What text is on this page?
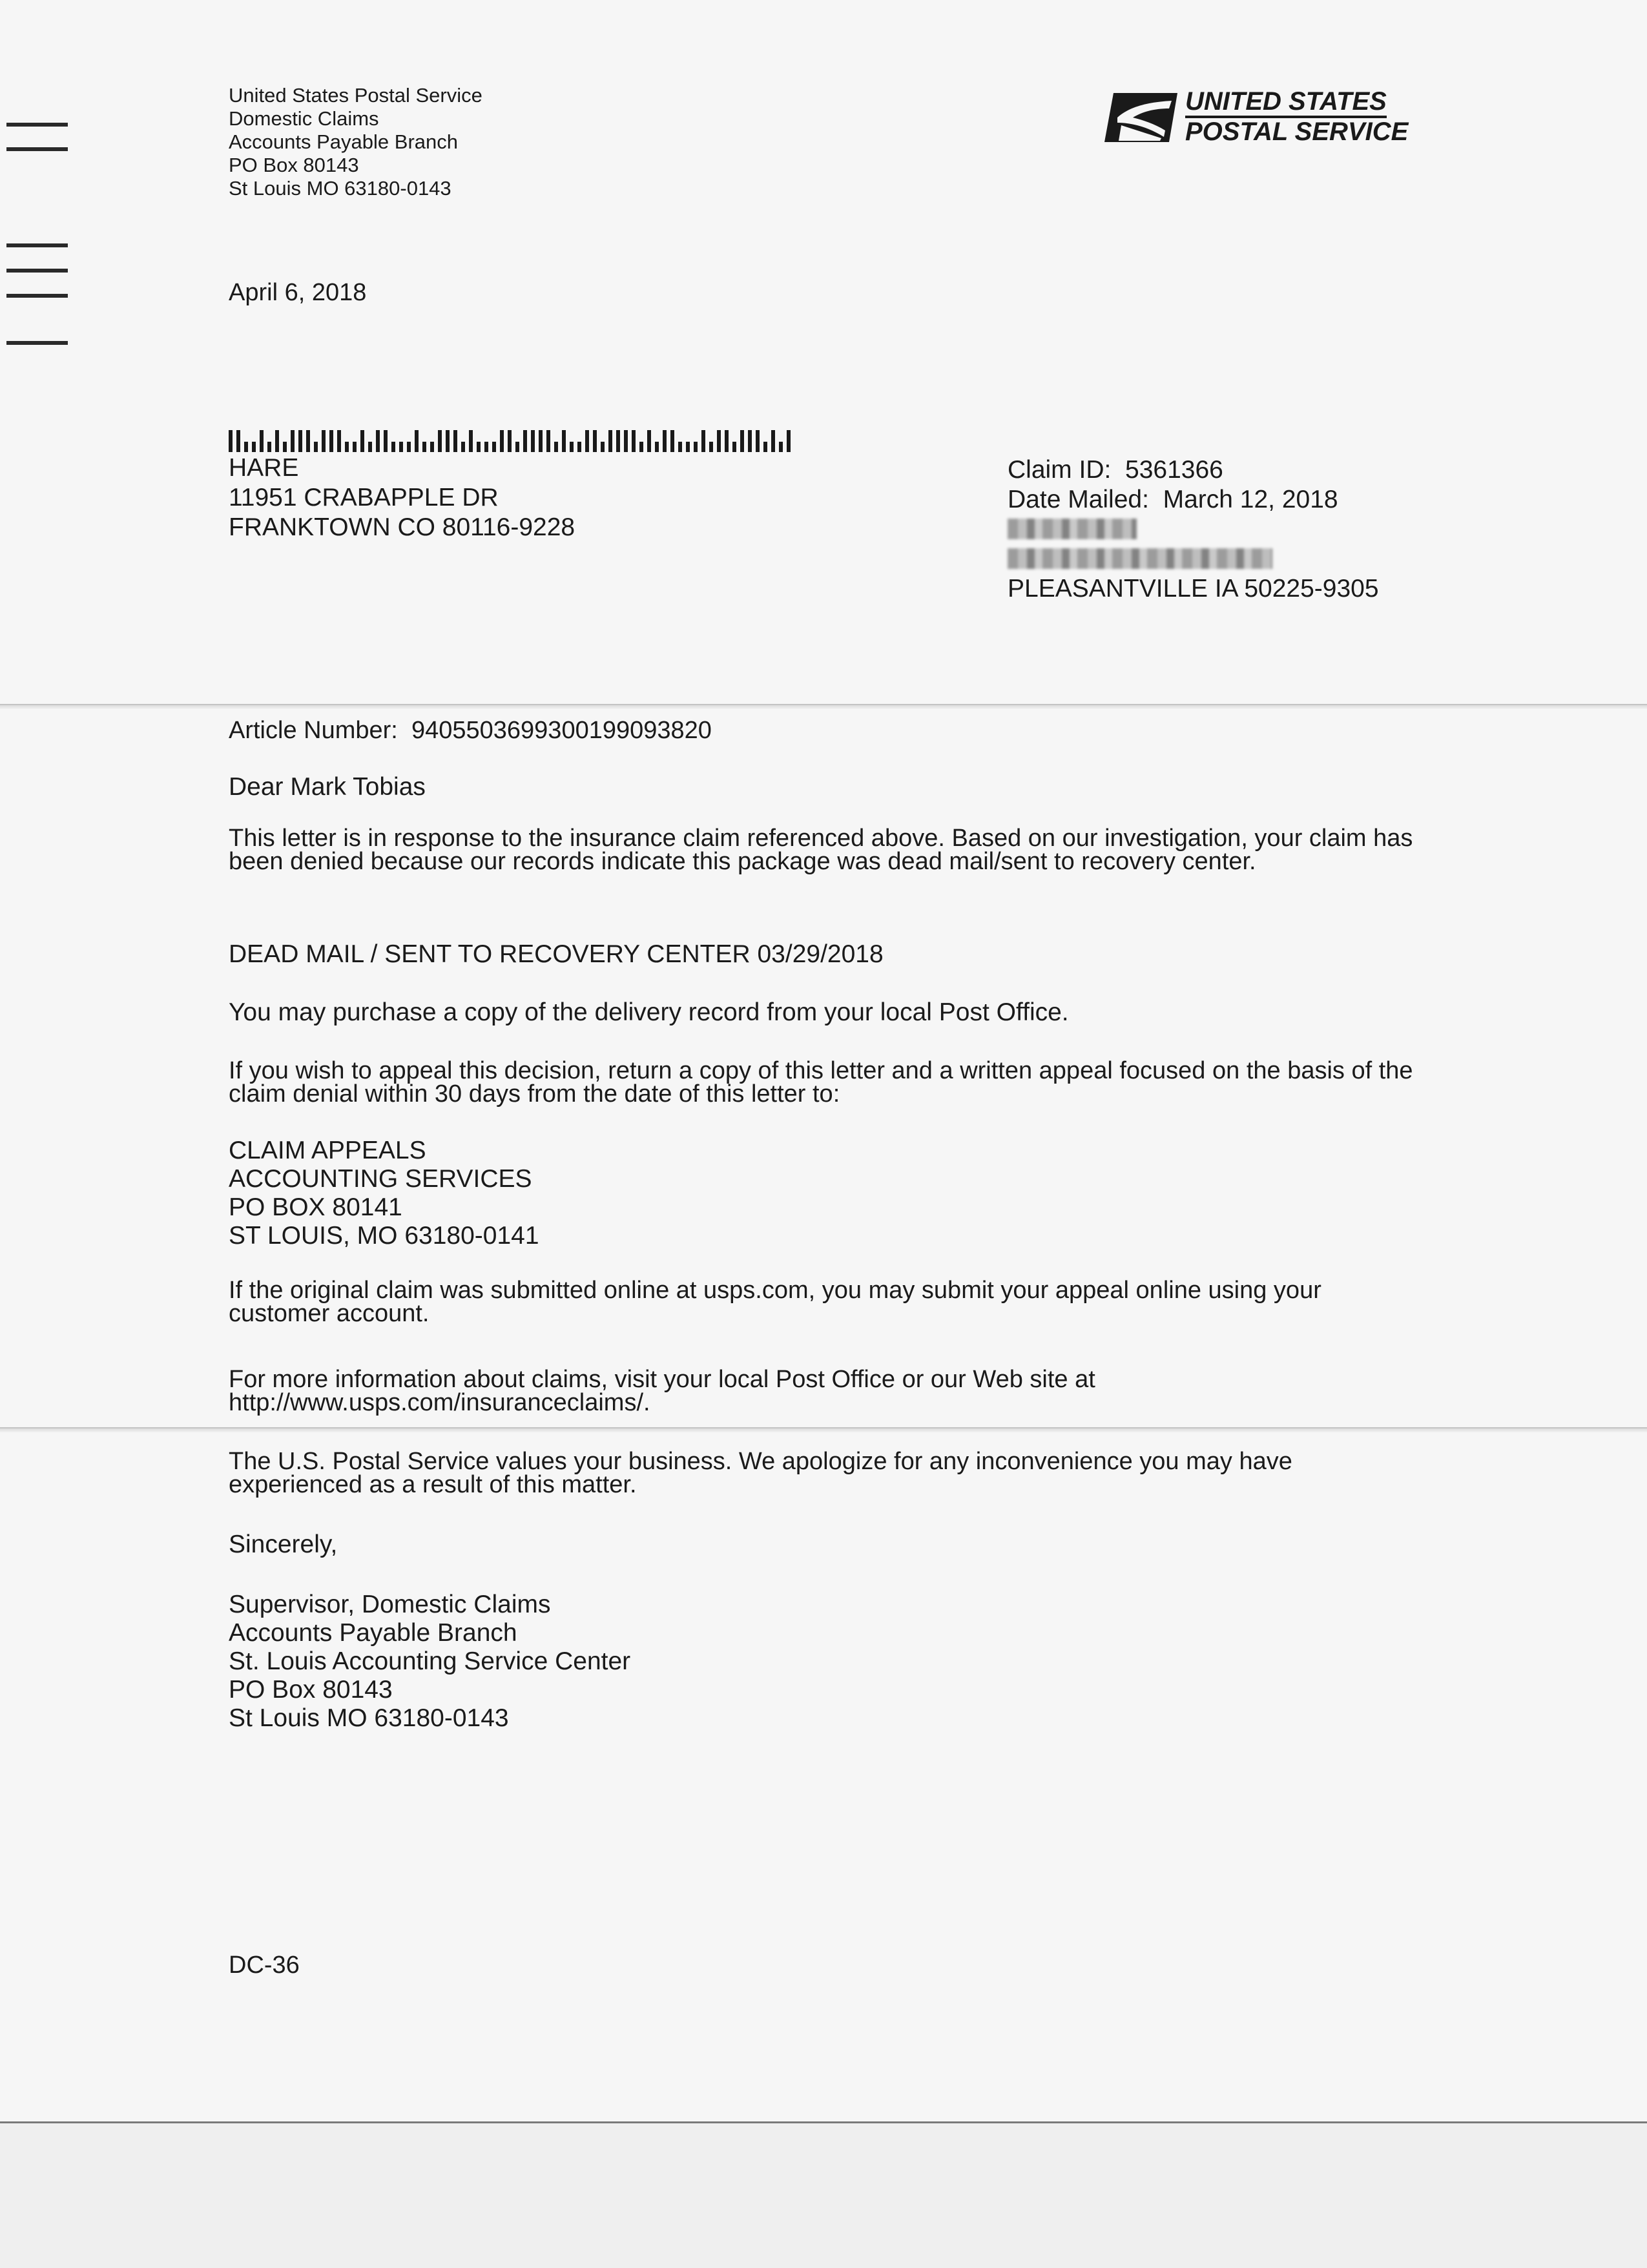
United States Postal Service
Domestic Claims
Accounts Payable Branch
PO Box 80143
St Louis MO 63180-0143
UNITED STATES
POSTAL SERVICE
April 6, 2018
HARE
11951 CRABAPPLE DR
FRANKTOWN CO 80116-9228
Claim ID: 5361366
Date Mailed: March 12, 2018
PLEASANTVILLE IA 50225-9305
Article Number: 9405503699300199093820
Dear Mark Tobias
This letter is in response to the insurance claim referenced above. Based on our investigation, your claim has been denied because our records indicate this package was dead mail/sent to recovery center.
DEAD MAIL / SENT TO RECOVERY CENTER 03/29/2018
You may purchase a copy of the delivery record from your local Post Office.
If you wish to appeal this decision, return a copy of this letter and a written appeal focused on the basis of the claim denial within 30 days from the date of this letter to:
CLAIM APPEALS
ACCOUNTING SERVICES
PO BOX 80141
ST LOUIS, MO 63180-0141
If the original claim was submitted online at usps.com, you may submit your appeal online using your customer account.
For more information about claims, visit your local Post Office or our Web site at http://www.usps.com/insuranceclaims/.
The U.S. Postal Service values your business. We apologize for any inconvenience you may have experienced as a result of this matter.
Sincerely,
Supervisor, Domestic Claims
Accounts Payable Branch
St. Louis Accounting Service Center
PO Box 80143
St Louis MO 63180-0143
DC-36
